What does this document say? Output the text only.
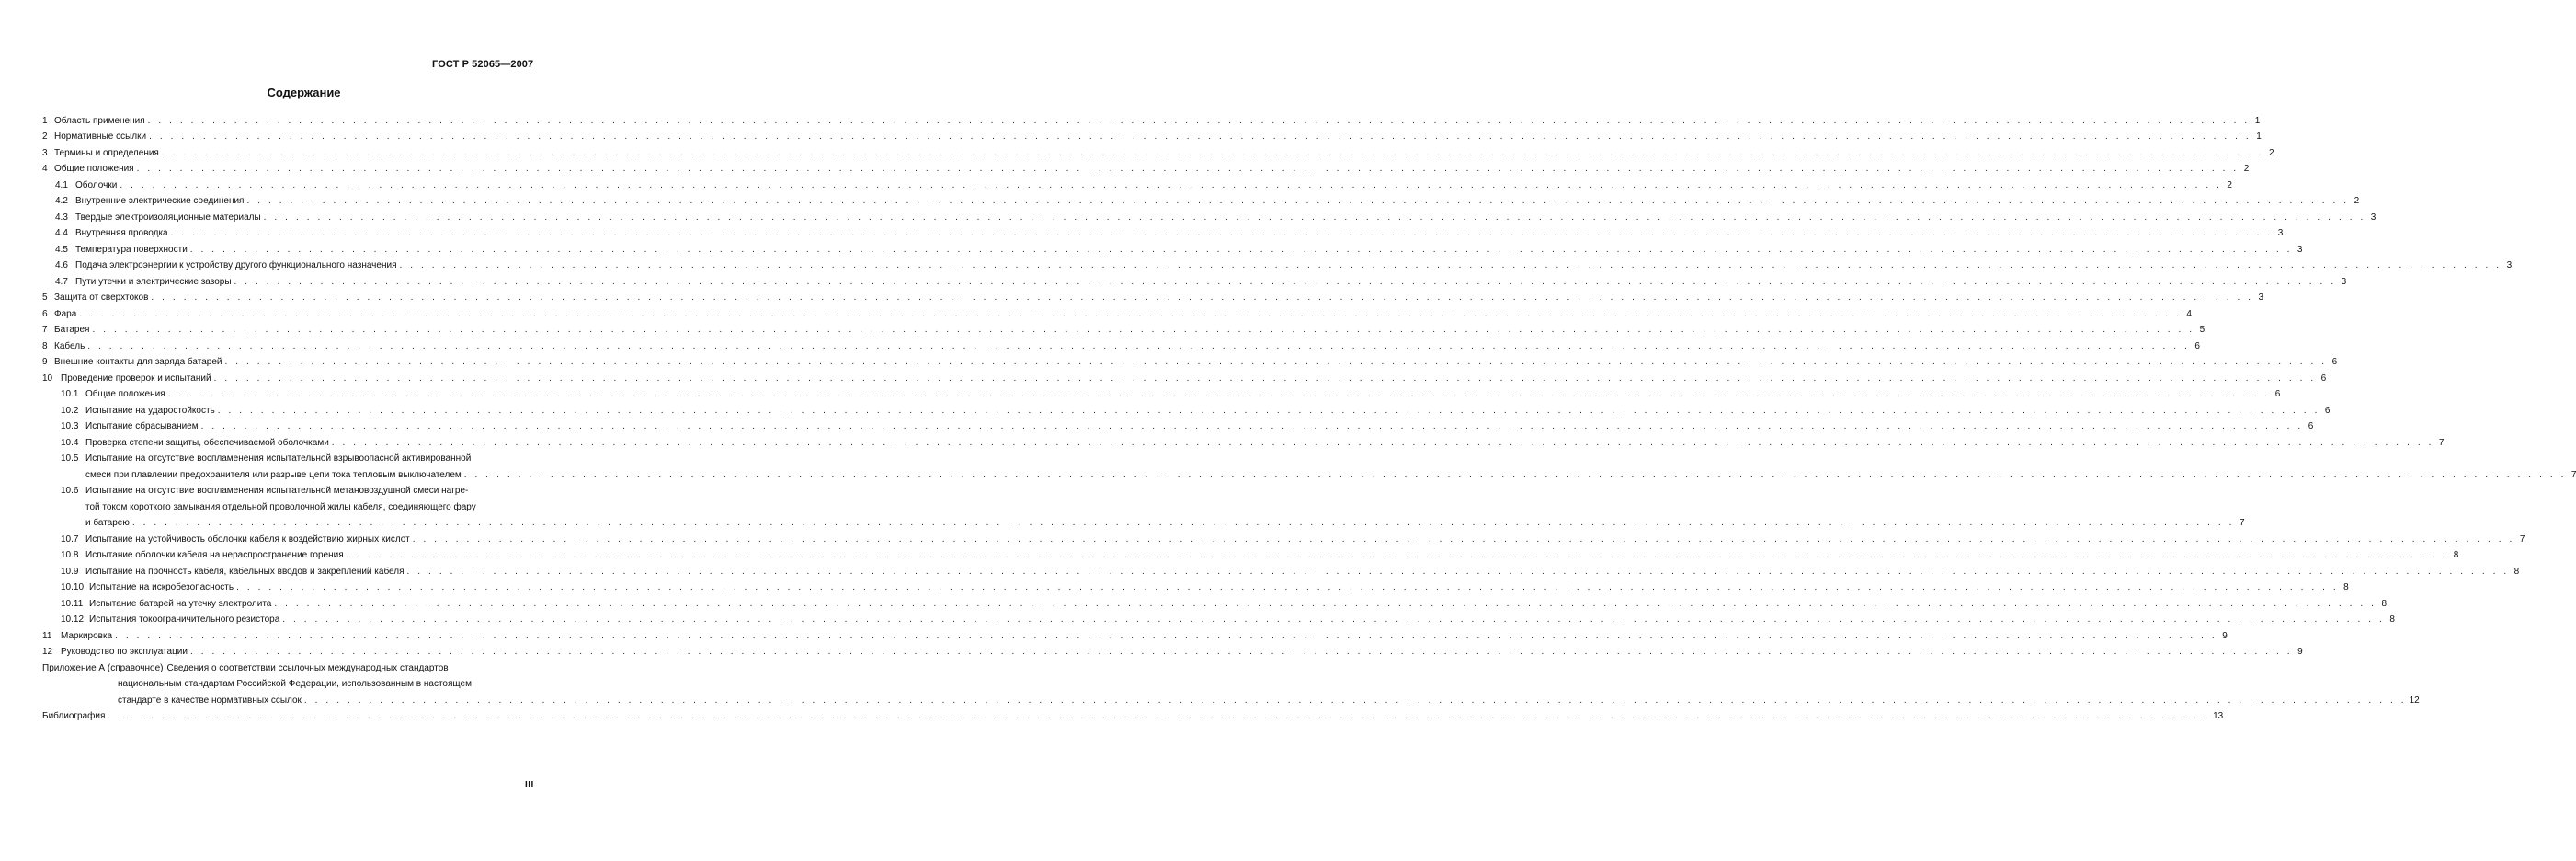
ГОСТ Р 52065—2007
Содержание
1 Область применения . . .	1
2 Нормативные ссылки . . .	1
3 Термины и определения . . .	2
4 Общие положения . . .	2
4.1 Оболочки . . .	2
4.2 Внутренние электрические соединения . . .	2
4.3 Твердые электроизоляционные материалы . . .	3
4.4 Внутренняя проводка . . .	3
4.5 Температура поверхности . . .	3
4.6 Подача электроэнергии к устройству другого функционального назначения . . .	3
4.7 Пути утечки и электрические зазоры . . .	3
5 Защита от сверхтоков . . .	3
6 Фара . . .	4
7 Батарея . . .	5
8 Кабель . . .	6
9 Внешние контакты для заряда батарей . . .	6
10 Проведение проверок и испытаний . . .	6
10.1 Общие положения . . .	6
10.2 Испытание на ударостойкость . . .	6
10.3 Испытание сбрасыванием . . .	6
10.4 Проверка степени защиты, обеспечиваемой оболочками . . .	7
10.5 Испытание на отсутствие воспламенения испытательной взрывоопасной активированной
смеси при плавлении предохранителя или разрыве цепи тока тепловым выключателем . . .	7
10.6 Испытание на отсутствие воспламенения испытательной метановоздушной смеси нагре-
той током короткого замыкания отдельной проволочной жилы кабеля, соединяющего фару
и батарею . . .	7
10.7 Испытание на устойчивость оболочки кабеля к воздействию жирных кислот . . .	7
10.8 Испытание оболочки кабеля на нераспространение горения . . .	8
10.9 Испытание на прочность кабеля, кабельных вводов и закреплений кабеля . . .	8
10.10 Испытание на искробезопасность . . .	8
10.11 Испытание батарей на утечку электролита . . .	8
10.12 Испытания токоограничительного резистора . . .	8
11 Маркировка . . .	9
12 Руководство по эксплуатации . . .	9
Приложение А (справочное) Сведения о соответствии ссылочных международных стандартов
национальным стандартам Российской Федерации, использованным в настоящем
стандарте в качестве нормативных ссылок . . .	12
Библиография . . .	13
III
